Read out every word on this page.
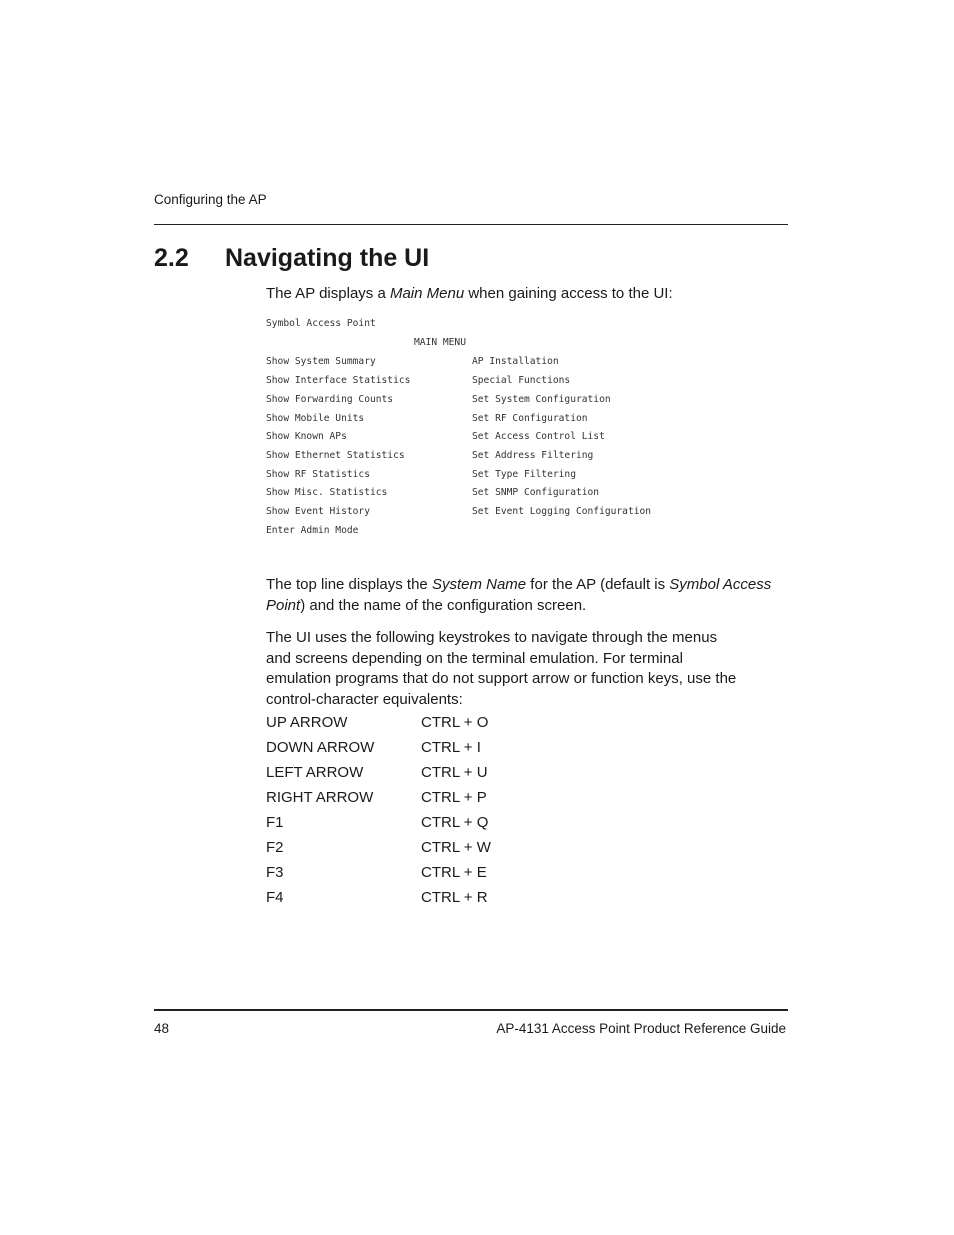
Configuring the AP
2.2 Navigating the UI
The AP displays a Main Menu when gaining access to the UI:
Symbol Access Point
MAIN MENU
Show System Summary	AP Installation
Show Interface Statistics	Special Functions
Show Forwarding Counts	Set System Configuration
Show Mobile Units	Set RF Configuration
Show Known APs	Set Access Control List
Show Ethernet Statistics	Set Address Filtering
Show RF Statistics	Set Type Filtering
Show Misc. Statistics	Set SNMP Configuration
Show Event History	Set Event Logging Configuration
Enter Admin Mode
The top line displays the System Name for the AP (default is Symbol Access
Point) and the name of the configuration screen.
The UI uses the following keystrokes to navigate through the menus
and screens depending on the terminal emulation. For terminal
emulation programs that do not support arrow or function keys, use the
control-character equivalents:
UP ARROW	CTRL + O
DOWN ARROW	CTRL + I
LEFT ARROW	CTRL + U
RIGHT ARROW	CTRL + P
F1	CTRL + Q
F2	CTRL + W
F3	CTRL + E
F4	CTRL + R
48	AP-4131 Access Point Product Reference Guide
